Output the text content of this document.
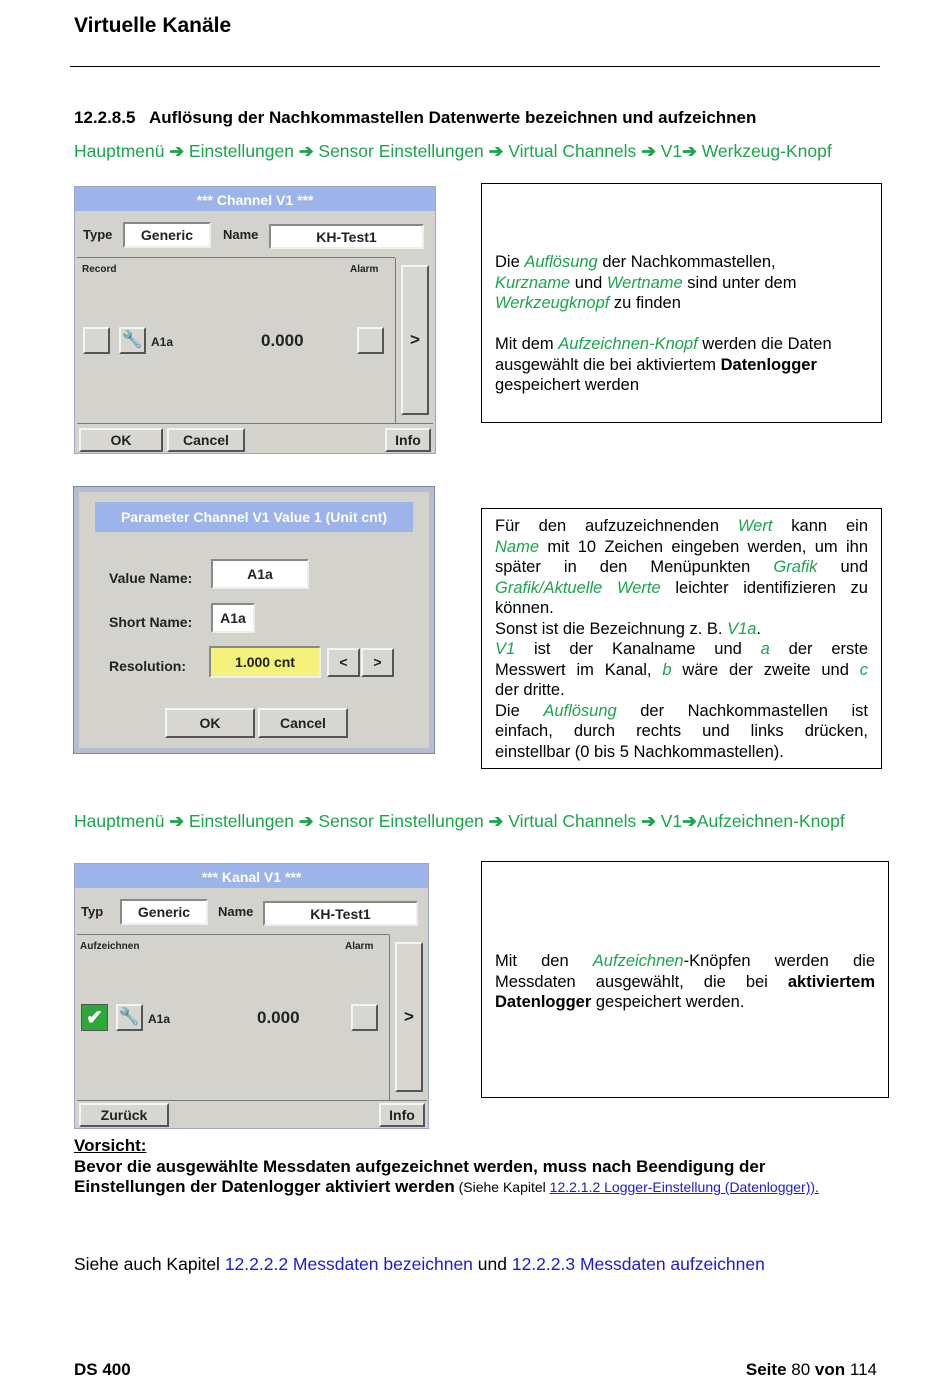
Virtuelle Kanäle
12.2.8.5 Auflösung der Nachkommastellen Datenwerte bezeichnen und aufzeichnen
Hauptmenü ➔ Einstellungen ➔ Sensor Einstellungen ➔ Virtual Channels ➔ V1➔ Werkzeug-Knopf
*** Channel V1 ***
Type	Generic	Name	KH-Test1
Record	Alarm
🔧 A1a	0.000	>
OK	Cancel	Info
Die Auflösung der Nachkommastellen,
Kurzname und Wertname sind unter dem
Werkzeugknopf zu finden
Mit dem Aufzeichnen-Knopf werden die Daten
ausgewählt die bei aktiviertem Datenlogger
gespeichert werden
Parameter Channel V1 Value 1 (Unit cnt)
Value Name:	A1a
Short Name:	A1a
Resolution:	1.000 cnt	<	>
OK	Cancel
Für den aufzuzeichnenden Wert kann ein
Name mit 10 Zeichen eingeben werden, um ihn
später in den Menüpunkten Grafik und
Grafik/Aktuelle Werte leichter identifizieren zu
können.
Sonst ist die Bezeichnung z. B. V1a.
V1 ist der Kanalname und a der erste
Messwert im Kanal, b wäre der zweite und c
der dritte.
Die Auflösung der Nachkommastellen ist
einfach, durch rechts und links drücken,
einstellbar (0 bis 5 Nachkommastellen).
Hauptmenü ➔ Einstellungen ➔ Sensor Einstellungen ➔ Virtual Channels ➔ V1➔Aufzeichnen-Knopf
*** Kanal V1 ***
Typ	Generic	Name	KH-Test1
Aufzeichnen	Alarm
✔ 🔧 A1a	0.000	>
Zurück	Info
Mit den Aufzeichnen-Knöpfen werden die
Messdaten ausgewählt, die bei aktiviertem
Datenlogger gespeichert werden.
Vorsicht:
Bevor die ausgewählte Messdaten aufgezeichnet werden, muss nach Beendigung der
Einstellungen der Datenlogger aktiviert werden (Siehe Kapitel 12.2.1.2 Logger-Einstellung (Datenlogger)).
Siehe auch Kapitel 12.2.2.2 Messdaten bezeichnen und 12.2.2.3 Messdaten aufzeichnen
DS 400	Seite 80 von 114
